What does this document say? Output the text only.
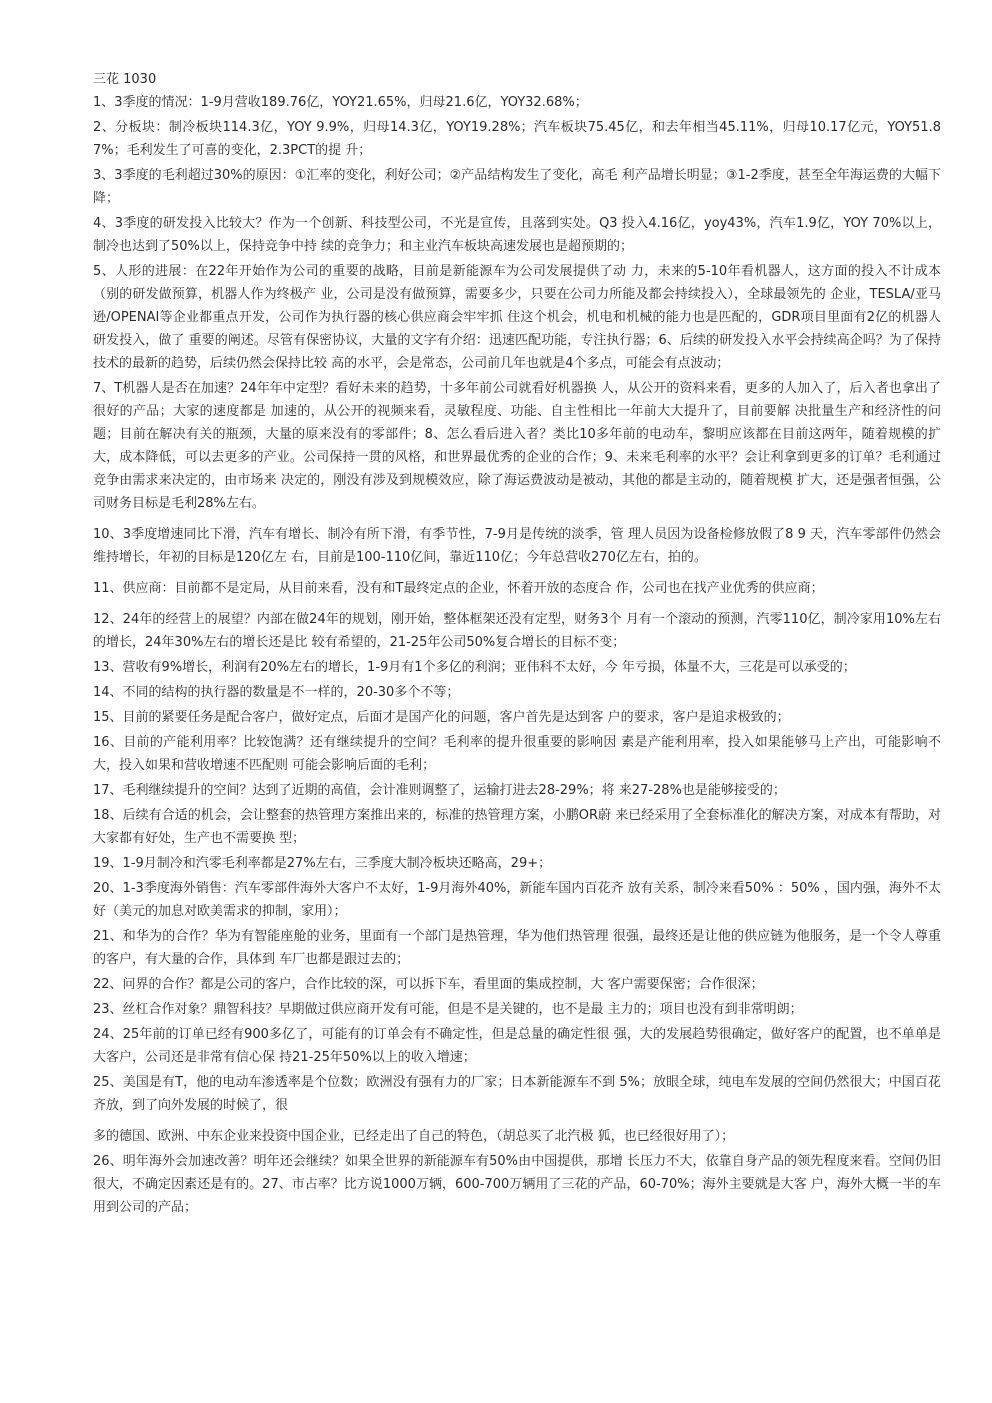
三花 1030

1、3季度的情况：1-9月营收189.76亿，YOY21.65%，归母21.6亿，YOY32.68%；

2、分板块：制冷板块114.3亿，YOY 9.9%，归母14.3亿，YOY19.28%；汽车板块75.45亿，和去年相当45.11%，归母10.17亿元，YOY51.87%；毛利发生了可喜的变化，2.3PCT的提 升；

3、3季度的毛利超过30%的原因：①汇率的变化，利好公司；②产品结构发生了变化，高毛 利产品增长明显；③1-2季度，甚至全年海运费的大幅下降；

4、3季度的研发投入比较大？作为一个创新、科技型公司，不光是宣传，且落到实处。Q3 投入4.16亿，yoy43%，汽车1.9亿，YOY 70%以上，制冷也达到了50%以上，保持竞争中持 续的竞争力；和主业汽车板块高速发展也是超预期的；

5、人形的进展：在22年开始作为公司的重要的战略，目前是新能源车为公司发展提供了动 力，未来的5-10年看机器人，这方面的投入不计成本（别的研发做预算，机器人作为终极产 业，公司是没有做预算，需要多少，只要在公司力所能及都会持续投入），全球最领先的 企业，TESLA/亚马逊/OPENAI等企业都重点开发，公司作为执行器的核心供应商会牢牢抓 住这个机会，机电和机械的能力也是匹配的，GDR项目里面有2亿的机器人研发投入，做了 重要的阐述。尽管有保密协议，大量的文字有介绍：迅速匹配功能，专注执行器；6、后续的研发投入水平会持续高企吗？为了保持技术的最新的趋势，后续仍然会保持比较 高的水平，会是常态，公司前几年也就是4个多点，可能会有点波动；

7、T机器人是否在加速？24年年中定型？看好未来的趋势，十多年前公司就看好机器换 人，从公开的资料来看，更多的人加入了，后入者也拿出了很好的产品；大家的速度都是 加速的，从公开的视频来看，灵敏程度、功能、自主性相比一年前大大提升了，目前要解 决批量生产和经济性的问题；目前在解决有关的瓶颈，大量的原来没有的零部件；8、怎么看后进入者？类比10多年前的电动车，黎明应该都在目前这两年，随着规模的扩 大，成本降低，可以去更多的产业。公司保持一贯的风格，和世界最优秀的企业的合作；9、未来毛利率的水平？会让利拿到更多的订单？毛利通过竞争由需求来决定的，由市场来 决定的，刚没有涉及到规模效应，除了海运费波动是被动，其他的都是主动的，随着规模 扩大，还是强者恒强，公司财务目标是毛利28%左右。

10、3季度增速同比下滑，汽车有增长、制冷有所下滑，有季节性，7-9月是传统的淡季，管 理人员因为设备检修放假了8 9 天，汽车零部件仍然会维持增长，年初的目标是120亿左 右，目前是100-110亿间，靠近110亿；今年总营收270亿左右，拍的。

11、供应商：目前都不是定局，从目前来看，没有和T最终定点的企业，怀着开放的态度合 作，公司也在找产业优秀的供应商；

12、24年的经营上的展望？内部在做24年的规划，刚开始，整体框架还没有定型，财务3个 月有一个滚动的预测，汽零110亿，制冷家用10%左右的增长，24年30%左右的增长还是比 较有希望的，21-25年公司50%复合增长的目标不变；

13、营收有9%增长，利润有20%左右的增长，1-9月有1个多亿的利润；亚伟科不太好，今 年亏损，体量不大，三花是可以承受的；

14、不同的结构的执行器的数量是不一样的，20-30多个不等；

15、目前的紧要任务是配合客户，做好定点，后面才是国产化的问题，客户首先是达到客 户的要求，客户是追求极致的；

16、目前的产能利用率？比较饱满？还有继续提升的空间？毛利率的提升很重要的影响因 素是产能利用率，投入如果能够马上产出，可能影响不大，投入如果和营收增速不匹配则 可能会影响后面的毛利；

17、毛利继续提升的空间？达到了近期的高值，会计准则调整了，运输打进去28-29%；将 来27-28%也是能够接受的；

18、后续有合适的机会，会让整套的热管理方案推出来的，标准的热管理方案，小鹏OR蔚 来已经采用了全套标准化的解决方案，对成本有帮助，对大家都有好处，生产也不需要换 型；

19、1-9月制冷和汽零毛利率都是27%左右，三季度大制冷板块还略高，29+；

20、1-3季度海外销售：汽车零部件海外大客户不太好，1-9月海外40%，新能车国内百花齐 放有关系，制冷来看50% ：50% ，国内强，海外不太好（美元的加息对欧美需求的抑制，家用）；

21、和华为的合作？华为有智能座舱的业务，里面有一个部门是热管理，华为他们热管理 很强，最终还是让他的供应链为他服务，是一个令人尊重的客户，有大量的合作，具体到 车厂也都是跟过去的；

22、问界的合作？都是公司的客户，合作比较的深，可以拆下车，看里面的集成控制，大 客户需要保密；合作很深；

23、丝杠合作对象？鼎智科技？早期做过供应商开发有可能，但是不是关键的，也不是最 主力的；项目也没有到非常明朗；

24、25年前的订单已经有900多亿了，可能有的订单会有不确定性，但是总量的确定性很 强，大的发展趋势很确定，做好客户的配置，也不单单是大客户，公司还是非常有信心保 持21-25年50%以上的收入增速；

25、美国是有T，他的电动车渗透率是个位数；欧洲没有强有力的厂家；日本新能源车不到 5%；放眼全球，纯电车发展的空间仍然很大；中国百花齐放，到了向外发展的时候了，很

多的德国、欧洲、中东企业来投资中国企业，已经走出了自己的特色，（胡总买了北汽极 狐，也已经很好用了）；

26、明年海外会加速改善？明年还会继续？如果全世界的新能源车有50%由中国提供，那增 长压力不大，依靠自身产品的领先程度来看。空间仍旧很大，不确定因素还是有的。27、市占率？比方说1000万辆，600-700万辆用了三花的产品，60-70%；海外主要就是大客 户，海外大概一半的车用到公司的产品；
